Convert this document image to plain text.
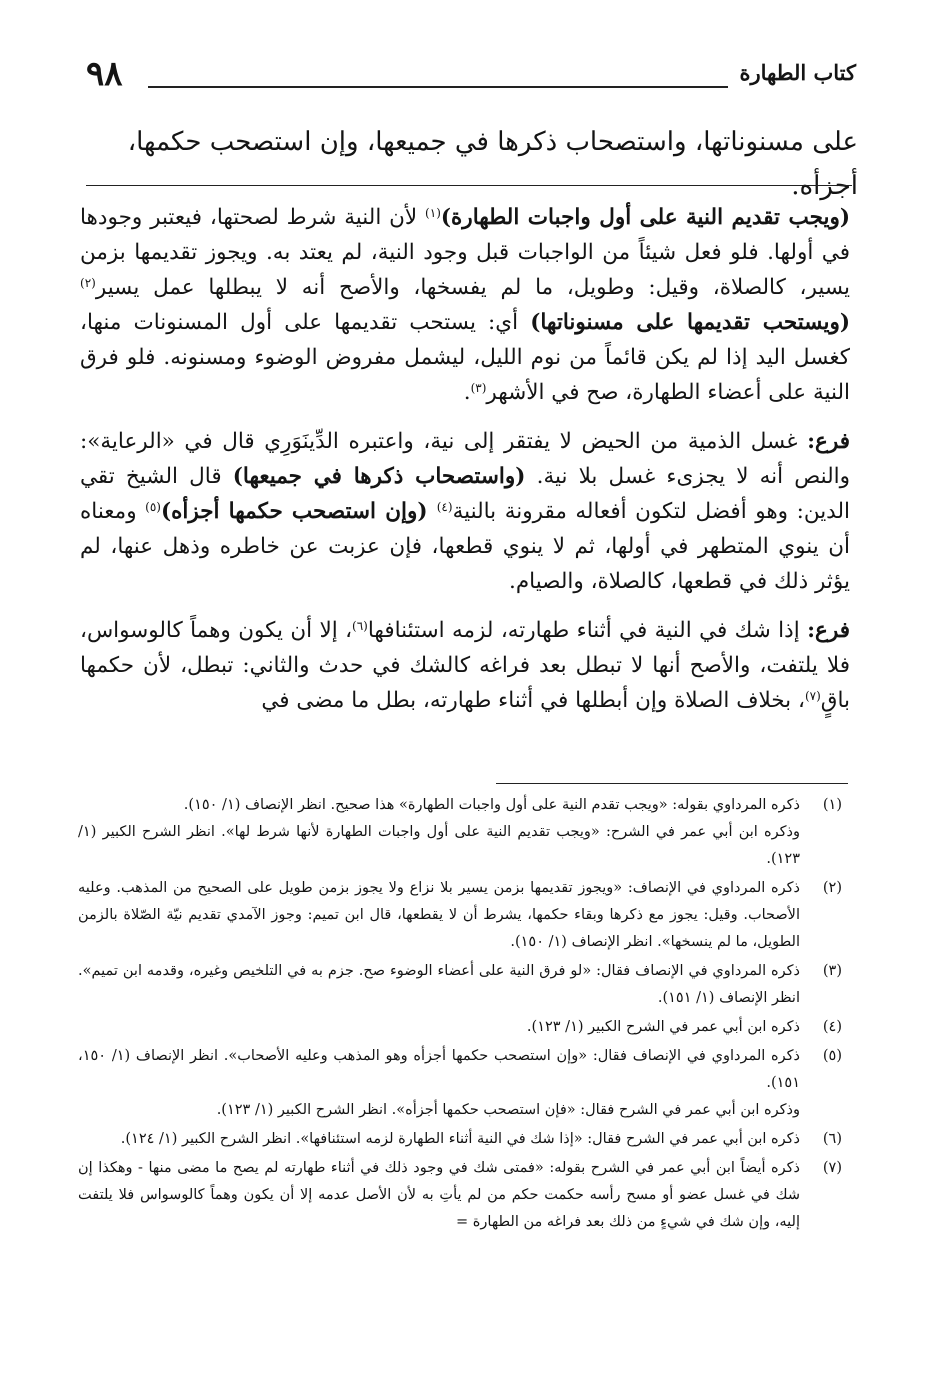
٩٨	كتاب الطهارة
على مسنوناتها، واستصحاب ذكرها في جميعها، وإن استصحب حكمها، أجزأه.

(ويجب تقديم النية على أول واجبات الطهارة)$^{(١)}$ لأن النية شرط لصحتها، فيعتبر وجودها في أولها. فلو فعل شيئاً من الواجبات قبل وجود النية، لم يعتد به. ويجوز تقديمها بزمن يسير، كالصلاة، وقيل: وطويل، ما لم يفسخها، والأصح أنه لا يبطلها عمل يسير$^{(٢)}$ (ويستحب تقديمها على مسنوناتها) أي: يستحب تقديمها على أول المسنونات منها، كغسل اليد إذا لم يكن قائماً من نوم الليل، ليشمل مفروض الوضوء ومسنونه. فلو فرق النية على أعضاء الطهارة، صح في الأشهر$^{(٣)}$.

فرع: غسل الذمية من الحيض لا يفتقر إلى نية، واعتبره الدِّينَوَرِي قال في «الرعاية»: والنص أنه لا يجزىء غسل بلا نية. (واستصحاب ذكرها في جميعها) قال الشيخ تقي الدين: وهو أفضل لتكون أفعاله مقرونة بالنية$^{(٤)}$ (وإن استصحب حكمها أجزأه)$^{(٥)}$ ومعناه أن ينوي المتطهر في أولها، ثم لا ينوي قطعها، فإن عزبت عن خاطره وذهل عنها، لم يؤثر ذلك في قطعها، كالصلاة، والصيام.

فرع: إذا شك في النية في أثناء طهارته، لزمه استئنافها$^{(٦)}$، إلا أن يكون وهماً كالوسواس، فلا يلتفت، والأصح أنها لا تبطل بعد فراغه كالشك في حدث والثاني: تبطل، لأن حكمها باقٍ$^{(٧)}$، بخلاف الصلاة وإن أبطلها في أثناء طهارته، بطل ما مضى في

(١)
ذكره المرداوي بقوله: «ويجب تقدم النية على أول واجبات الطهارة» هذا صحيح. انظر الإنصاف (١/ ١٥٠).
وذكره ابن أبي عمر في الشرح: «ويجب تقديم النية على أول واجبات الطهارة لأنها شرط لها». انظر الشرح الكبير (١/ ١٢٣).
(٢)
ذكره المرداوي في الإنصاف: «ويجوز تقديمها بزمن يسير بلا نزاع ولا يجوز بزمن طويل على الصحيح من المذهب. وعليه الأصحاب. وقيل: يجوز مع ذكرها وبقاء حكمها، يشرط أن لا يقطعها، قال ابن تميم: وجوز الآمدي تقديم نيّة الصّلاة بالزمن الطويل، ما لم ينسخها». انظر الإنصاف (١/ ١٥٠).
(٣)
ذكره المرداوي في الإنصاف فقال: «لو فرق النية على أعضاء الوضوء صح. جزم به في التلخيص وغيره، وقدمه ابن تميم». انظر الإنصاف (١/ ١٥١).
(٤)
ذكره ابن أبي عمر في الشرح الكبير (١/ ١٢٣).
(٥)
ذكره المرداوي في الإنصاف فقال: «وإن استصحب حكمها أجزأه وهو المذهب وعليه الأصحاب». انظر الإنصاف (١/ ١٥٠، ١٥١).
وذكره ابن أبي عمر في الشرح فقال: «فإن استصحب حكمها أجزأه». انظر الشرح الكبير (١/ ١٢٣).
(٦)
ذكره ابن أبي عمر في الشرح فقال: «إذا شك في النية أثناء الطهارة لزمه استئنافها». انظر الشرح الكبير (١/ ١٢٤).
(٧)
ذكره أيضاً ابن أبي عمر في الشرح بقوله: «فمتى شك في وجود ذلك في أثناء طهارته لم يصح ما مضى منها - وهكذا إن شك في غسل عضو أو مسح رأسه حكمت حكم من لم يأتِ به لأن الأصل عدمه إلا أن يكون وهماً كالوسواس فلا يلتفت إليه، وإن شك في شيءٍ من ذلك بعد فراغه من الطهارة =
